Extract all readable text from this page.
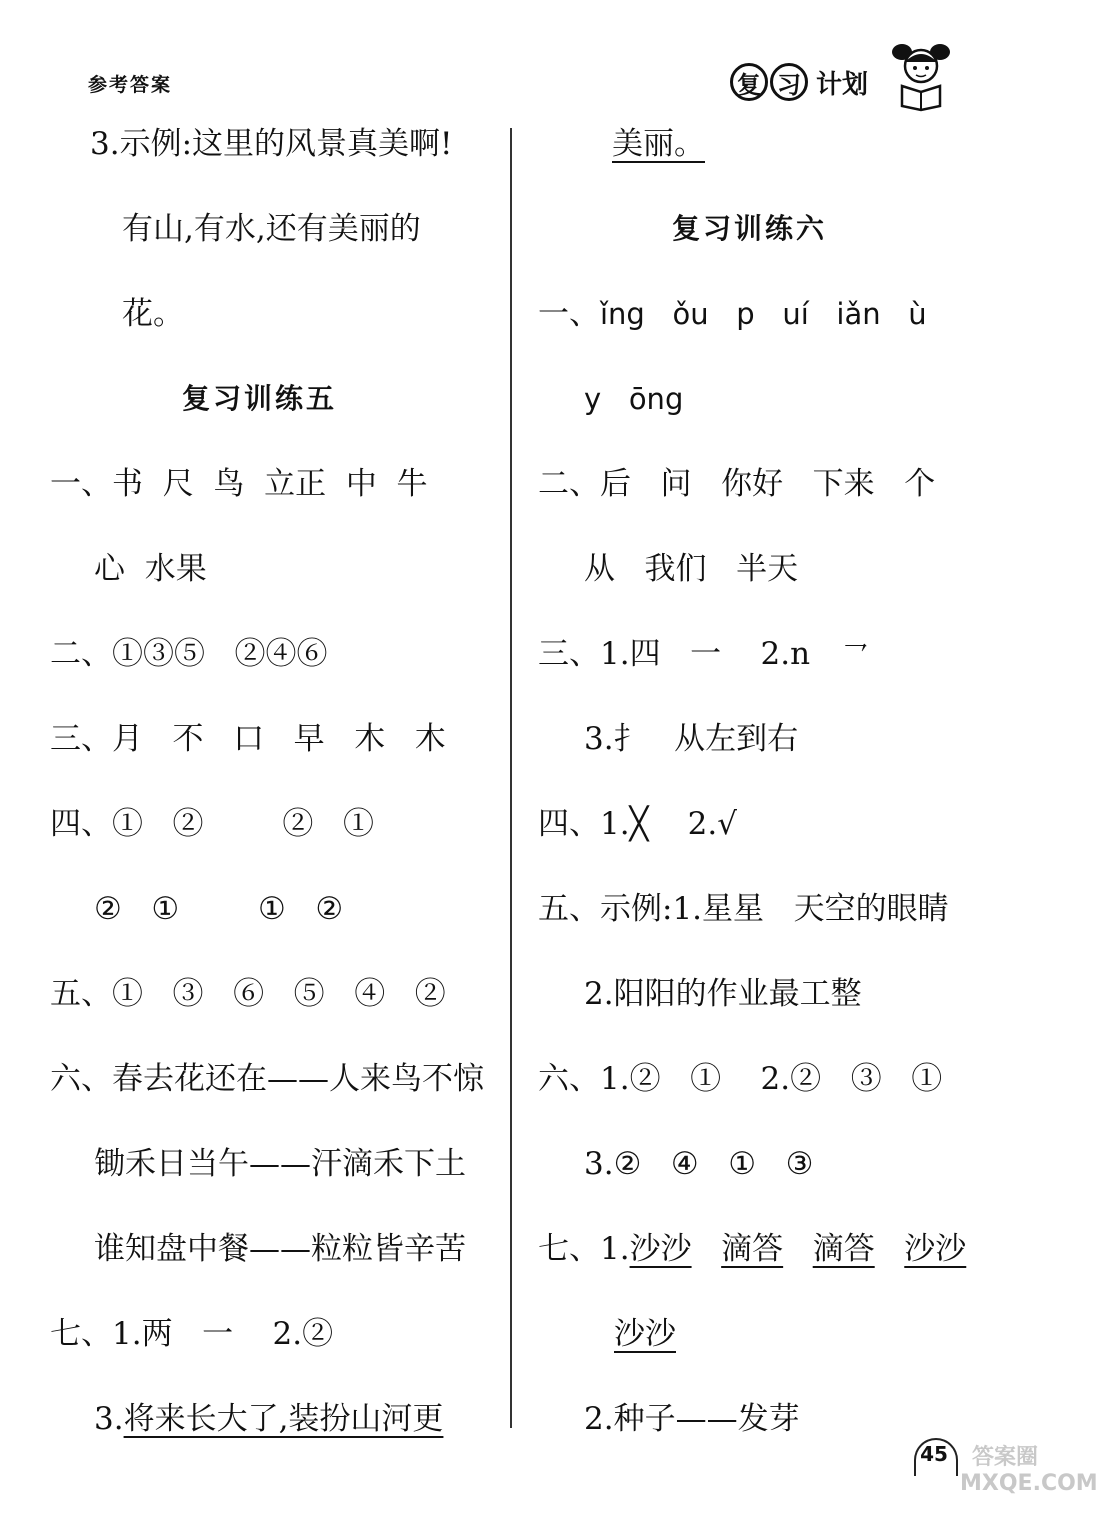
参考答案	复 习 计划
3.示例:这里的风景真美啊!
有山,有水,还有美丽的
花。
复习训练五
一、书  尺  鸟  立正  中  牛
心  水果
二、①③⑤   ②④⑥
三、月   不   口   早   木   木
四、①   ②        ②   ①
②   ①        ①   ②
五、①   ③   ⑥   ⑤   ④   ②
六、春去花还在——人来鸟不惊
锄禾日当午——汗滴禾下土
谁知盘中餐——粒粒皆辛苦
七、1.两   一    2.②
3.将来长大了,装扮山河更
美丽。
复习训练六
一、ǐng   ǒu   p   uí   iǎn   ù
y   ōng
二、后   问   你好   下来   个
从   我们   半天
三、1.四   一    2.n   ㇖
3.扌   从左到右
四、1.╳    2.√
五、示例:1.星星   天空的眼睛
2.阳阳的作业最工整
六、1.②   ①    2.②   ③   ①
3.②   ④   ①   ③
七、1.沙沙 滴答 滴答 沙沙
沙沙
2.种子——发芽
45	答案圈 MXQE.COM
